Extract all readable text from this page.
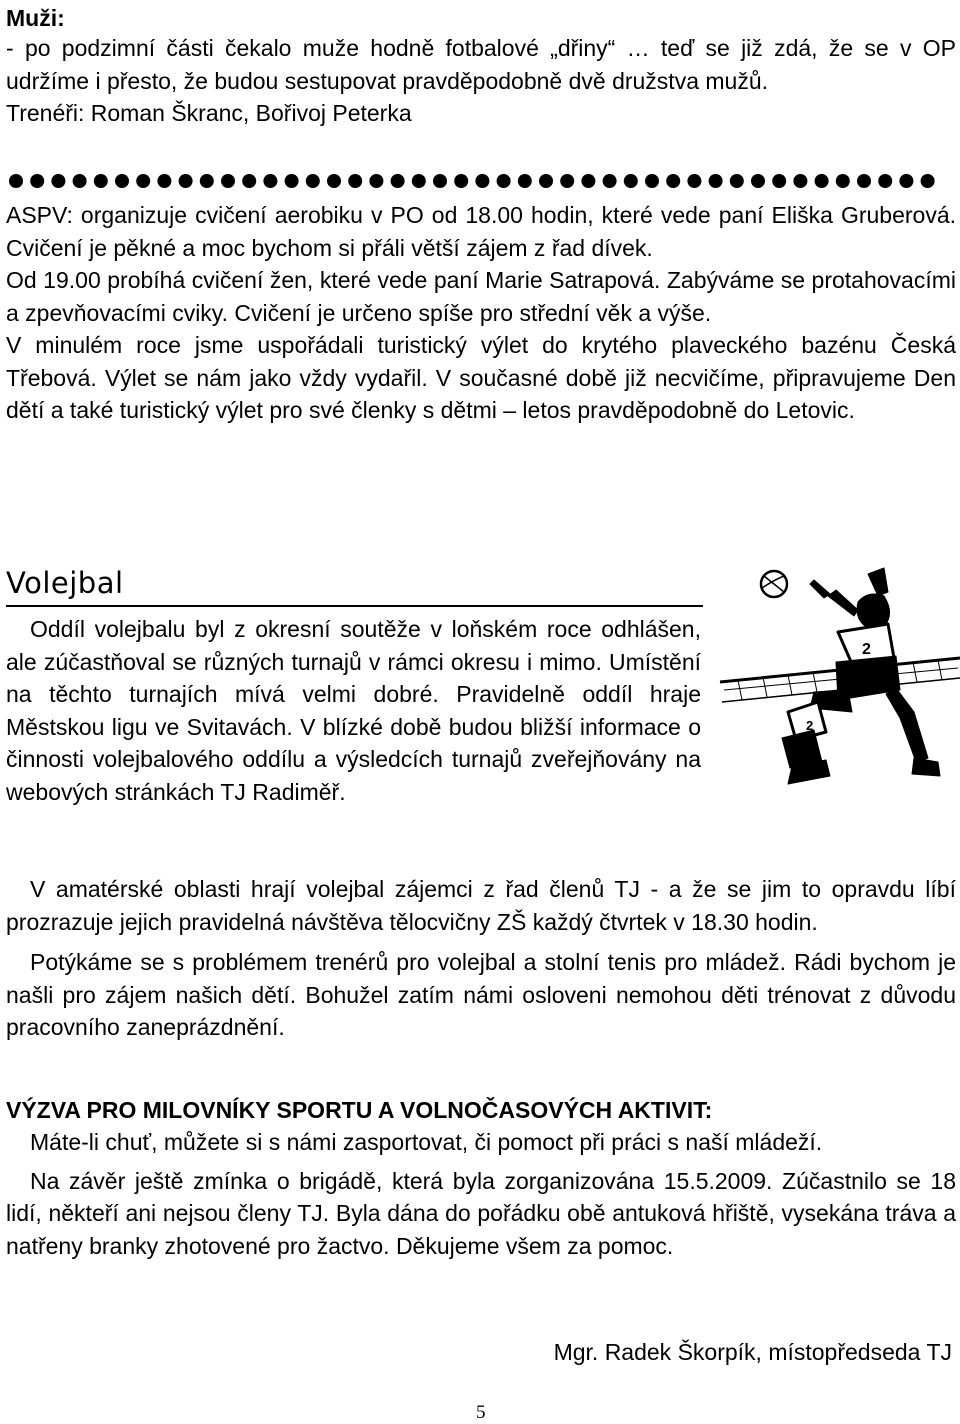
Muži:

- po podzimní části čekalo muže hodně fotbalové „dřiny“ … teď se již zdá, že se v OP udržíme i přesto, že budou sestupovat pravděpodobně dvě družstva mužů.

Trenéři: Roman Škranc, Bořivoj Peterka

ASPV: organizuje cvičení aerobiku v PO od 18.00 hodin, které vede paní Eliška Gruberová. Cvičení je pěkné a moc bychom si přáli větší zájem z řad dívek.

Od 19.00 probíhá cvičení žen, které vede paní Marie Satrapová. Zabýváme se protahovacími a zpevňovacími cviky. Cvičení je určeno spíše pro střední věk a výše.

V minulém roce jsme uspořádali turistický výlet do krytého plaveckého bazénu Česká Třebová. Výlet se nám jako vždy vydařil. V současné době již necvičíme, připravujeme Den dětí a také turistický výlet pro své členky s dětmi – letos pravděpodobně do Letovic.

Volejbal

Oddíl volejbalu byl z okresní soutěže v loňském roce odhlášen, ale zúčastňoval se různých turnajů v rámci okresu i mimo. Umístění na těchto turnajích mívá velmi dobré. Pravidelně oddíl hraje Městskou ligu ve Svitavách. V blízké době budou bližší informace o činnosti volejbalového oddílu a výsledcích turnajů zveřejňovány na webových stránkách TJ Radiměř.

2
2

V amatérské oblasti hrají volejbal zájemci z řad členů TJ - a že se jim to opravdu líbí prozrazuje jejich pravidelná návštěva tělocvičny ZŠ každý čtvrtek v 18.30 hodin.

Potýkáme se s problémem trenérů pro volejbal a stolní tenis pro mládež. Rádi bychom je našli pro zájem našich dětí. Bohužel zatím námi osloveni nemohou děti trénovat z důvodu pracovního zaneprázdnění.

VÝZVA PRO MILOVNÍKY SPORTU A VOLNOČASOVÝCH AKTIVIT:

Máte-li chuť, můžete si s námi zasportovat, či pomoct při práci s naší mládeží.

Na závěr ještě zmínka o brigádě, která byla zorganizována 15.5.2009. Zúčastnilo se 18 lidí, někteří ani nejsou členy TJ. Byla dána do pořádku obě antuková hřiště, vysekána tráva a natřeny branky zhotovené pro žactvo. Děkujeme všem za pomoc.

Mgr. Radek Škorpík, místopředseda TJ
5
